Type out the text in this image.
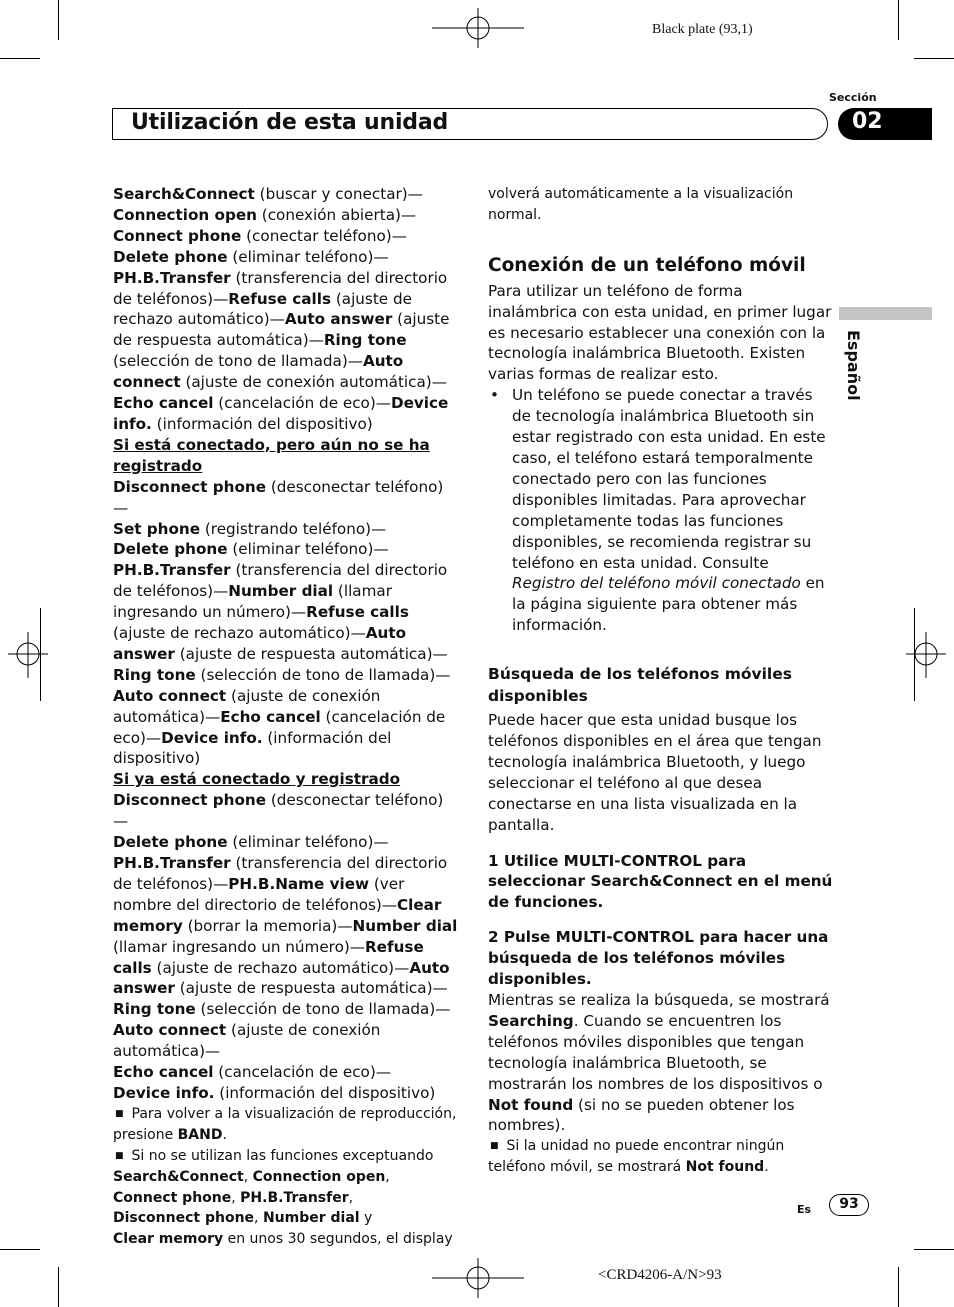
Black plate (93,1)
Sección
Utilización de esta unidad	02
Español

Search&Connect (buscar y conectar)—

Connection open (conexión abierta)—

Connect phone (conectar teléfono)—

Delete phone (eliminar teléfono)—

PH.B.Transfer (transferencia del directorio de teléfonos)—Refuse calls (ajuste de rechazo automático)—Auto answer (ajuste de respuesta automática)—Ring tone (selección de tono de llamada)—Auto connect (ajuste de conexión automática)—Echo cancel (cancelación de eco)—Device info. (información del dispositivo)

Si está conectado, pero aún no se ha registrado

Disconnect phone (desconectar teléfono)—

Set phone (registrando teléfono)—

Delete phone (eliminar teléfono)—

PH.B.Transfer (transferencia del directorio de teléfonos)—Number dial (llamar ingresando un número)—Refuse calls (ajuste de rechazo automático)—Auto answer (ajuste de respuesta automática)—Ring tone (selección de tono de llamada)—Auto connect (ajuste de conexión automática)—Echo cancel (cancelación de eco)—Device info. (información del dispositivo)

Si ya está conectado y registrado

Disconnect phone (desconectar teléfono)—

Delete phone (eliminar teléfono)—

PH.B.Transfer (transferencia del directorio de teléfonos)—PH.B.Name view (ver nombre del directorio de teléfonos)—Clear memory (borrar la memoria)—Number dial (llamar ingresando un número)—Refuse calls (ajuste de rechazo automático)—Auto answer (ajuste de respuesta automática)—Ring tone (selección de tono de llamada)—Auto connect (ajuste de conexión automática)—
Echo cancel (cancelación de eco)—
Device info. (información del dispositivo)

■ Para volver a la visualización de reproducción, presione BAND.

■ Si no se utilizan las funciones exceptuando
Search&Connect, Connection open,
Connect phone, PH.B.Transfer,
Disconnect phone, Number dial y
Clear memory en unos 30 segundos, el display

volverá automáticamente a la visualización normal.

Conexión de un teléfono móvil

Para utilizar un teléfono de forma inalámbrica con esta unidad, en primer lugar es necesario establecer una conexión con la tecnología inalámbrica Bluetooth. Existen varias formas de realizar esto.

• Un teléfono se puede conectar a través de tecnología inalámbrica Bluetooth sin estar registrado con esta unidad. En este caso, el teléfono estará temporalmente conectado pero con las funciones disponibles limitadas. Para aprovechar completamente todas las funciones disponibles, se recomienda registrar su teléfono en esta unidad. Consulte Registro del teléfono móvil conectado en la página siguiente para obtener más información.
Búsqueda de los teléfonos móviles disponibles

Puede hacer que esta unidad busque los teléfonos disponibles en el área que tengan tecnología inalámbrica Bluetooth, y luego seleccionar el teléfono al que desea conectarse en una lista visualizada en la pantalla.

1 Utilice MULTI-CONTROL para seleccionar Search&Connect en el menú de funciones.

2 Pulse MULTI-CONTROL para hacer una búsqueda de los teléfonos móviles disponibles.

Mientras se realiza la búsqueda, se mostrará Searching. Cuando se encuentren los teléfonos móviles disponibles que tengan tecnología inalámbrica Bluetooth, se mostrarán los nombres de los dispositivos o Not found (si no se pueden obtener los nombres).

■ Si la unidad no puede encontrar ningún teléfono móvil, se mostrará Not found.

Es	93
<CRD4206-A/N>93
